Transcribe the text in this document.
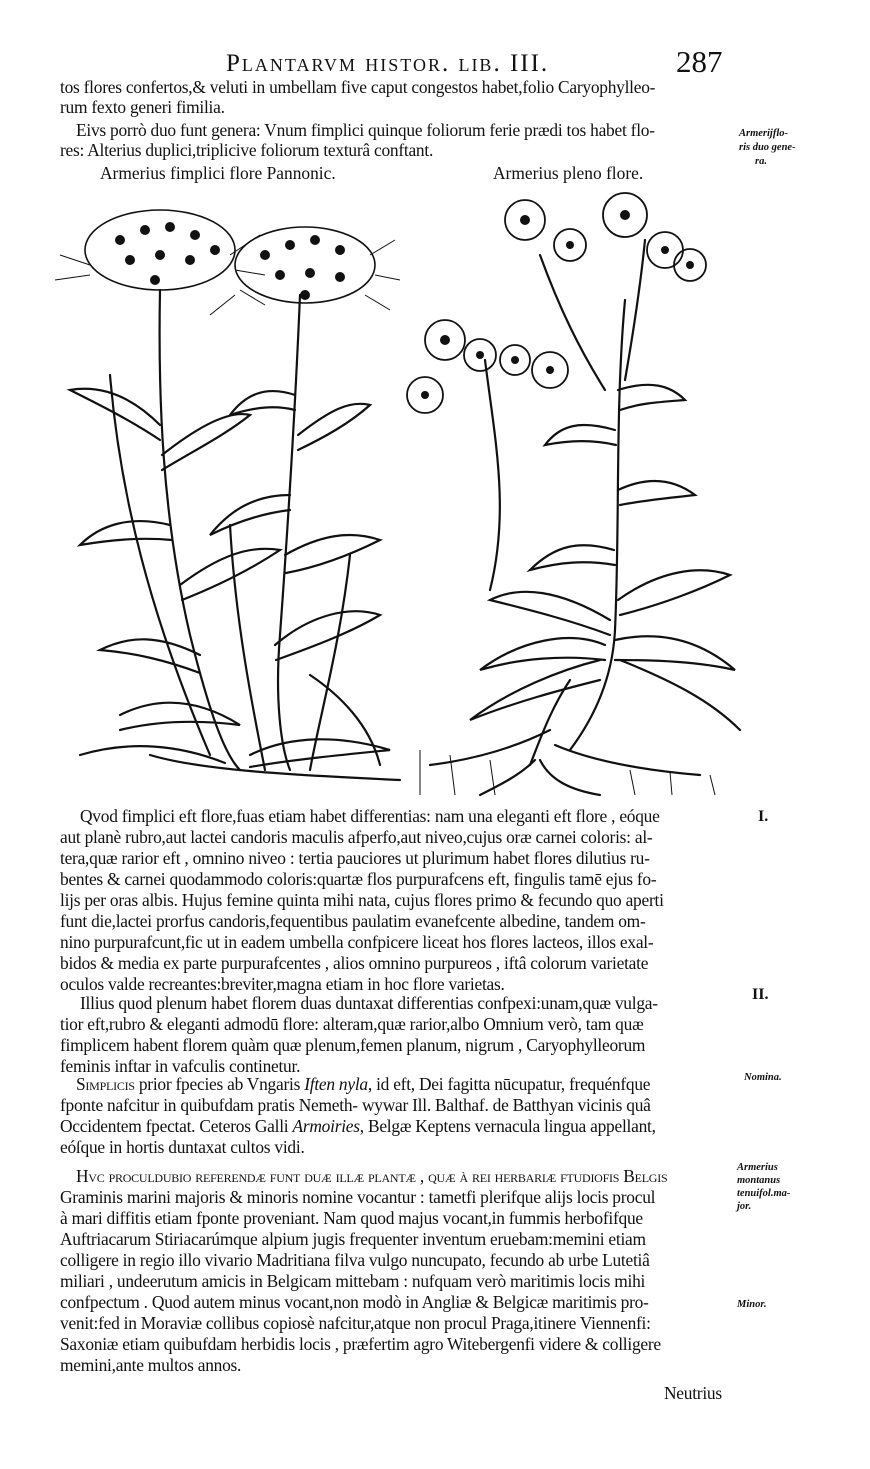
Plantarvm histor. lib. III.	287
tos flores confertos,& veluti in umbellam five caput congestos habet,folio Caryophylleo-
rum fexto generi fimilia.
Eivs porrò duo funt genera: Vnum fimplici quinque foliorum ferie prædi tos habet flo-
res: Alterius duplici,triplicive foliorum texturâ conftant.
Armerijflo-
ris duo gene-
ra.
Armerius fimplici flore Pannonic.	Armerius pleno flore.
Qvod fimplici eft flore,fuas etiam habet differentias: nam una eleganti eft flore , eóque
aut planè rubro,aut lactei candoris maculis afperfo,aut niveo,cujus oræ carnei coloris: al-
tera,quæ rarior eft , omnino niveo : tertia pauciores ut plurimum habet flores dilutius ru-
bentes & carnei quodammodo coloris:quartæ flos purpurafcens eft, fingulis tamē ejus fo-
lijs per oras albis. Hujus femine quinta mihi nata, cujus flores primo & fecundo quo aperti
funt die,lactei prorfus candoris,fequentibus paulatim evanefcente albedine, tandem om-
nino purpurafcunt,fic ut in eadem umbella confpicere liceat hos flores lacteos, illos exal-
bidos & media ex parte purpurafcentes , alios omnino purpureos , iftâ colorum varietate
oculos valde recreantes:breviter,magna etiam in hoc flore varietas.
I.
Illius quod plenum habet florem duas duntaxat differentias confpexi:unam,quæ vulga-
tior eft,rubro & eleganti admodū flore: alteram,quæ rarior,albo Omnium verò, tam quæ
fimplicem habent florem quàm quæ plenum,femen planum, nigrum , Caryophylleorum
feminis inftar in vafculis continetur.
II.
Simplicis prior fpecies ab Vngaris Iften nyla, id eft, Dei fagitta nūcupatur, frequénfque
fponte nafcitur in quibufdam pratis Nemeth- wywar Ill. Balthaf. de Batthyan vicinis quâ
Occidentem fpectat. Ceteros Galli Armoiries, Belgæ Keptens vernacula lingua appellant,
eóſque in hortis duntaxat cultos vidi.
Nomina.
Hvc proculdubio referendæ funt duæ illæ plantæ , quæ à rei herbariæ ftudiofis Belgis
Graminis marini majoris & minoris nomine vocantur : tametfi plerifque alijs locis procul
à mari diffitis etiam fponte proveniant. Nam quod majus vocant,in fummis herbofifque
Auftriacarum Stiriacarúmque alpium jugis frequenter inventum eruebam:memini etiam
colligere in regio illo vivario Madritiana filva vulgo nuncupato, fecundo ab urbe Lutetiâ
miliari , undeerutum amicis in Belgicam mittebam : nufquam verò maritimis locis mihi
confpectum . Quod autem minus vocant,non modò in Angliæ & Belgicæ maritimis pro-
venit:fed in Moraviæ collibus copiosè nafcitur,atque non procul Praga,itinere Viennenfi:
Saxoniæ etiam quibufdam herbidis locis , præfertim agro Witebergenfi videre & colligere
memini,ante multos annos.
Armerius
montanus
tenuifol.ma-
jor.
Minor.
Neutrius
